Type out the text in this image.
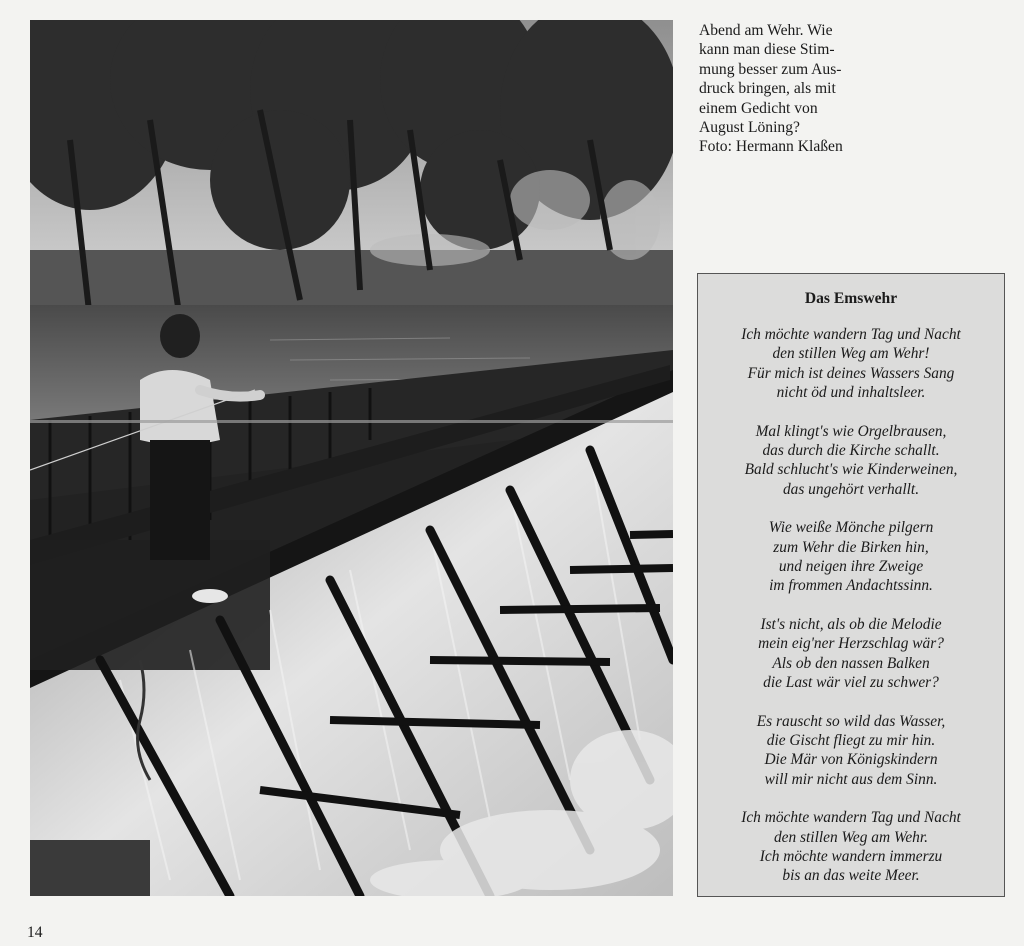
Abend am Wehr. Wie
kann man diese Stim-
mung besser zum Aus-
druck bringen, als mit
einem Gedicht von
August Löning?
Foto: Hermann Klaßen
Das Emswehr
Ich möchte wandern Tag und Nacht
den stillen Weg am Wehr!
Für mich ist deines Wassers Sang
nicht öd und inhaltsleer.
Mal klingt's wie Orgelbrausen,
das durch die Kirche schallt.
Bald schlucht's wie Kinderweinen,
das ungehört verhallt.
Wie weiße Mönche pilgern
zum Wehr die Birken hin,
und neigen ihre Zweige
im frommen Andachtssinn.
Ist's nicht, als ob die Melodie
mein eig'ner Herzschlag wär?
Als ob den nassen Balken
die Last wär viel zu schwer?
Es rauscht so wild das Wasser,
die Gischt fliegt zu mir hin.
Die Mär von Königskindern
will mir nicht aus dem Sinn.
Ich möchte wandern Tag und Nacht
den stillen Weg am Wehr.
Ich möchte wandern immerzu
bis an das weite Meer.
14
